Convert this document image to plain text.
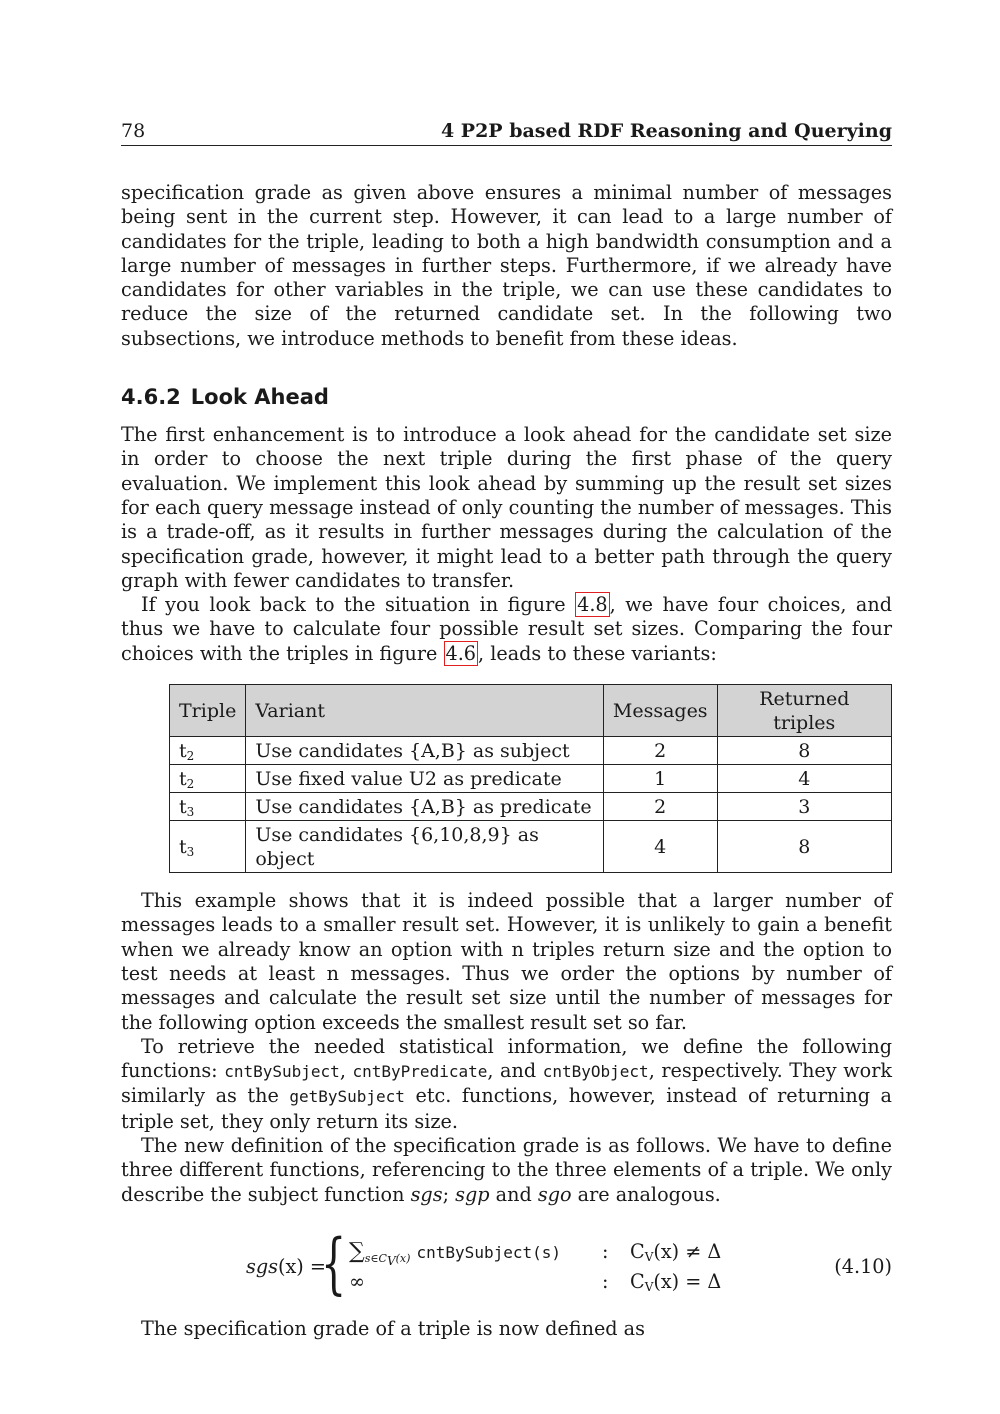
78	4 P2P based RDF Reasoning and Querying

specification grade as given above ensures a minimal number of messages being sent in the current step. However, it can lead to a large number of candidates for the triple, leading to both a high bandwidth consumption and a large number of messages in further steps. Furthermore, if we already have candidates for other variables in the triple, we can use these candidates to reduce the size of the returned candidate set. In the following two subsections, we introduce methods to benefit from these ideas.

4.6.2 Look Ahead

The first enhancement is to introduce a look ahead for the candidate set size in order to choose the next triple during the first phase of the query evaluation. We implement this look ahead by summing up the result set sizes for each query message instead of only counting the number of messages. This is a trade-off, as it results in further messages during the calculation of the specification grade, however, it might lead to a better path through the query graph with fewer candidates to transfer.

If you look back to the situation in figure 4.8 , we have four choices, and thus we have to calculate four possible result set sizes. Comparing the four choices with the triples in figure 4.6 , leads to these variants:

Triple	Variant	Messages	Returned triples
$t_2$	Use candidates {A,B} as subject	2	8
$t_2$	Use fixed value U2 as predicate	1	4
$t_3$	Use candidates {A,B} as predicate	2	3
$t_3$	Use candidates {6,10,8,9} as object	4	8

This example shows that it is indeed possible that a larger number of messages leads to a smaller result set. However, it is unlikely to gain a benefit when we already know an option with n triples return size and the option to test needs at least n messages. Thus we order the options by number of messages and calculate the result set size until the number of messages for the following option exceeds the smallest result set so far.

To retrieve the needed statistical information, we define the following functions: cntBySubject, cntByPredicate, and cntByObject, respectively. They work similarly as the getBySubject etc. functions, however, instead of returning a triple set, they only return its size.

The new definition of the specification grade is as follows. We have to define three different functions, referencing to the three elements of a triple. We only describe the subject function sgs; sgp and sgo are analogous.

sgs(x) =
{ $\sum_{s\in C_V(x)}$ cntBySubject(s)
∞
:
:
$C_V(x) \ne \Delta$
$C_V(x) = \Delta$
(4.10)

The specification grade of a triple is now defined as
